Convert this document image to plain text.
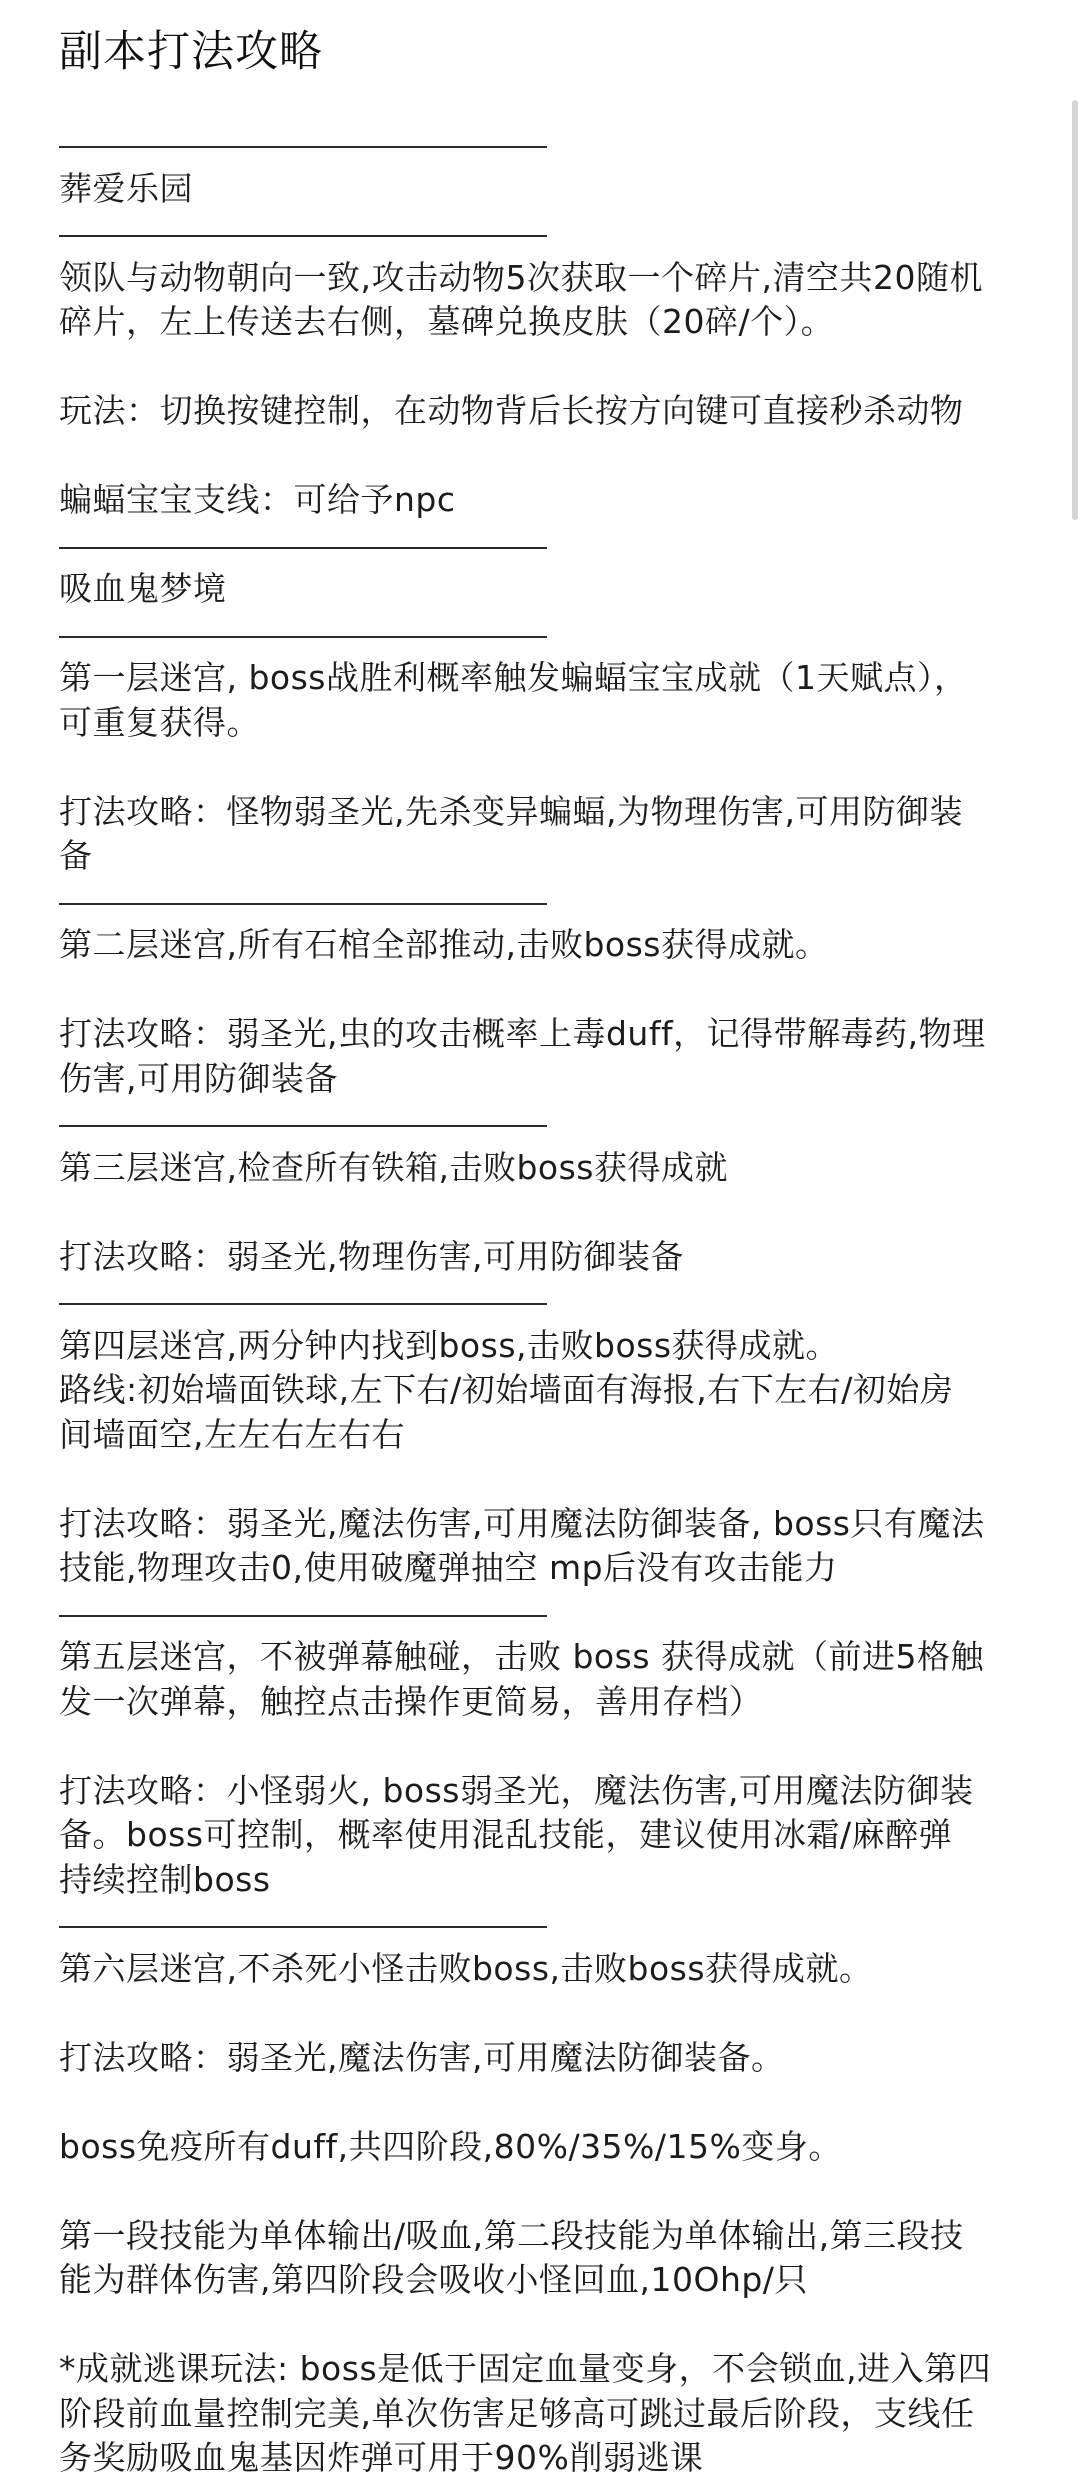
副本打法攻略
葬爱乐园
领队与动物朝向一致,攻击动物5次获取一个碎片,清空共20随机
碎片，左上传送去右侧，墓碑兑换皮肤（20碎/个）。
玩法：切换按键控制，在动物背后长按方向键可直接秒杀动物
蝙蝠宝宝支线：可给予npc
吸血鬼梦境
第一层迷宫, boss战胜利概率触发蝙蝠宝宝成就（1天赋点），
可重复获得。
打法攻略：怪物弱圣光,先杀变异蝙蝠,为物理伤害,可用防御装
备
第二层迷宫,所有石棺全部推动,击败boss获得成就。
打法攻略：弱圣光,虫的攻击概率上毒duff，记得带解毒药,物理
伤害,可用防御装备
第三层迷宫,检查所有铁箱,击败boss获得成就
打法攻略：弱圣光,物理伤害,可用防御装备
第四层迷宫,两分钟内找到boss,击败boss获得成就。
路线:初始墙面铁球,左下右/初始墙面有海报,右下左右/初始房
间墙面空,左左右左右右
打法攻略：弱圣光,魔法伤害,可用魔法防御装备, boss只有魔法
技能,物理攻击0,使用破魔弹抽空 mp后没有攻击能力
第五层迷宫，不被弹幕触碰，击败 boss 获得成就（前进5格触
发一次弹幕，触控点击操作更简易，善用存档）
打法攻略：小怪弱火, boss弱圣光，魔法伤害,可用魔法防御装
备。boss可控制，概率使用混乱技能，建议使用冰霜/麻醉弹
持续控制boss
第六层迷宫,不杀死小怪击败boss,击败boss获得成就。
打法攻略：弱圣光,魔法伤害,可用魔法防御装备。
boss免疫所有duff,共四阶段,80%/35%/15%变身。
第一段技能为单体输出/吸血,第二段技能为单体输出,第三段技
能为群体伤害,第四阶段会吸收小怪回血,10Ohp/只
*成就逃课玩法: boss是低于固定血量变身，不会锁血,进入第四
阶段前血量控制完美,单次伤害足够高可跳过最后阶段，支线任
务奖励吸血鬼基因炸弹可用于90%削弱逃课
